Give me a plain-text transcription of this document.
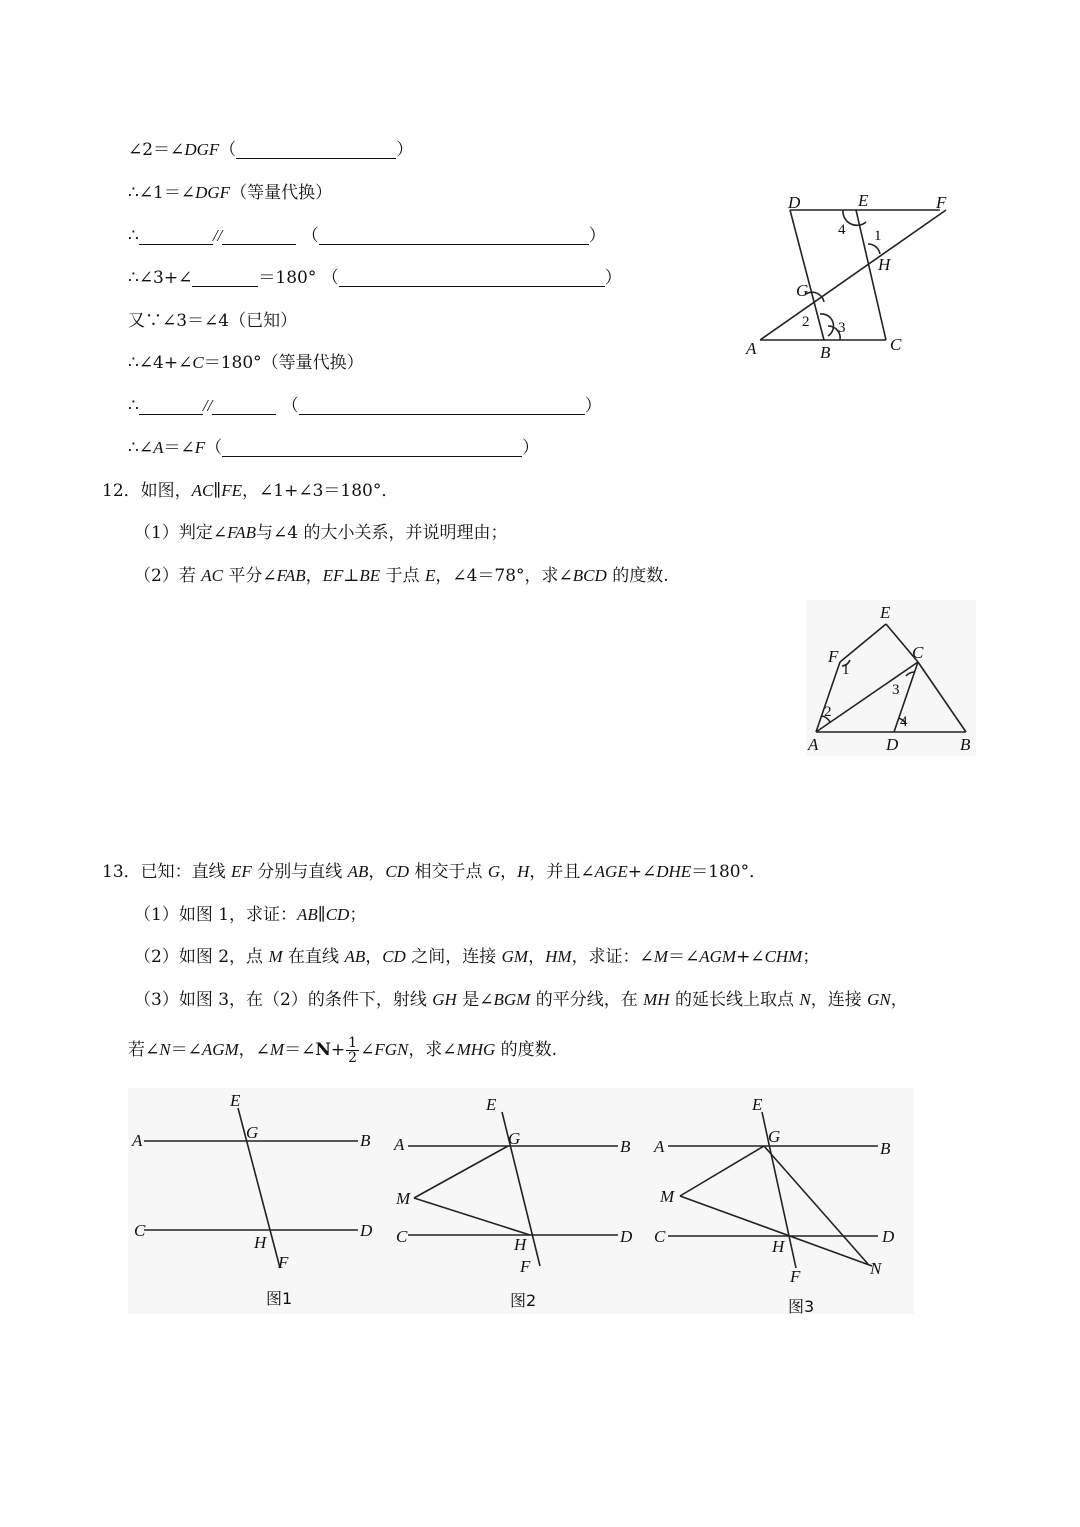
∠2＝∠DGF（	）
∴∠1＝∠DGF（等量代换）
∴	//	（	）
∴∠3+∠	＝180° （	）
又∵∠3＝∠4（已知）
∴∠4+∠C＝180°（等量代换）
∴	//	（	）
∴∠A＝∠F（	）
D	E	F
G
H
A	B	C
1
2 3
4
12．如图，AC∥FE，∠1+∠3＝180°．
（1）判定∠FAB与∠4 的大小关系，并说明理由；
（2）若 AC 平分∠FAB，EF⊥BE 于点 E，∠4＝78°，求∠BCD 的度数.
E
F	C
A	D	B
1
2
3
4
13．已知：直线 EF 分别与直线 AB，CD 相交于点 G，H，并且∠AGE+∠DHE＝180°．
（1）如图 1，求证：AB∥CD；
（2）如图 2，点 M 在直线 AB，CD 之间，连接 GM，HM，求证：∠M＝∠AGM+∠CHM；
（3）如图 3，在（2）的条件下，射线 GH 是∠BGM 的平分线，在 MH 的延长线上取点 N，连接 GN，
若∠N＝∠AGM，∠M＝∠N+ $\frac{1}{2}$ ∠FGN，求∠MHG 的度数.
E
G
A	B
C	D
H
F
图1
E
G
A	B
M
C	D
H
F
图2
E
G
A	B
M
C	D
H
F	N
图3
